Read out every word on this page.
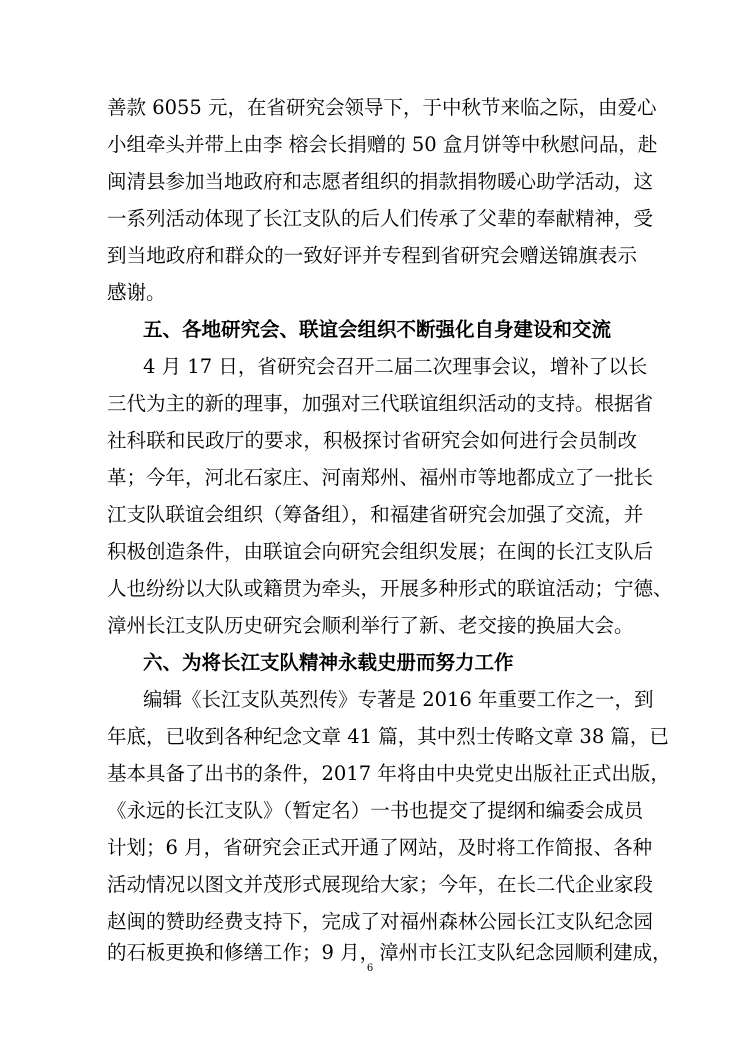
善款 6055 元，在省研究会领导下，于中秋节来临之际，由爱心
小组牵头并带上由李 榕会长捐赠的 50 盒月饼等中秋慰问品，赴
闽清县参加当地政府和志愿者组织的捐款捐物暖心助学活动，这
一系列活动体现了长江支队的后人们传承了父辈的奉献精神，受
到当地政府和群众的一致好评并专程到省研究会赠送锦旗表示
感谢。
五、各地研究会、联谊会组织不断强化自身建设和交流
4 月 17 日，省研究会召开二届二次理事会议，增补了以长
三代为主的新的理事，加强对三代联谊组织活动的支持。根据省
社科联和民政厅的要求，积极探讨省研究会如何进行会员制改
革；今年，河北石家庄、河南郑州、福州市等地都成立了一批长
江支队联谊会组织（筹备组），和福建省研究会加强了交流，并
积极创造条件，由联谊会向研究会组织发展；在闽的长江支队后
人也纷纷以大队或籍贯为牵头，开展多种形式的联谊活动；宁德、
漳州长江支队历史研究会顺利举行了新、老交接的换届大会。
六、为将长江支队精神永载史册而努力工作
编辑《长江支队英烈传》专著是 2016 年重要工作之一，到
年底，已收到各种纪念文章 41 篇，其中烈士传略文章 38 篇，已
基本具备了出书的条件，2017 年将由中央党史出版社正式出版，
《永远的长江支队》（暂定名）一书也提交了提纲和编委会成员
计划；6 月，省研究会正式开通了网站，及时将工作简报、各种
活动情况以图文并茂形式展现给大家；今年，在长二代企业家段
赵闽的赞助经费支持下，完成了对福州森林公园长江支队纪念园
的石板更换和修缮工作；9 月，漳州市长江支队纪念园顺利建成，
6
